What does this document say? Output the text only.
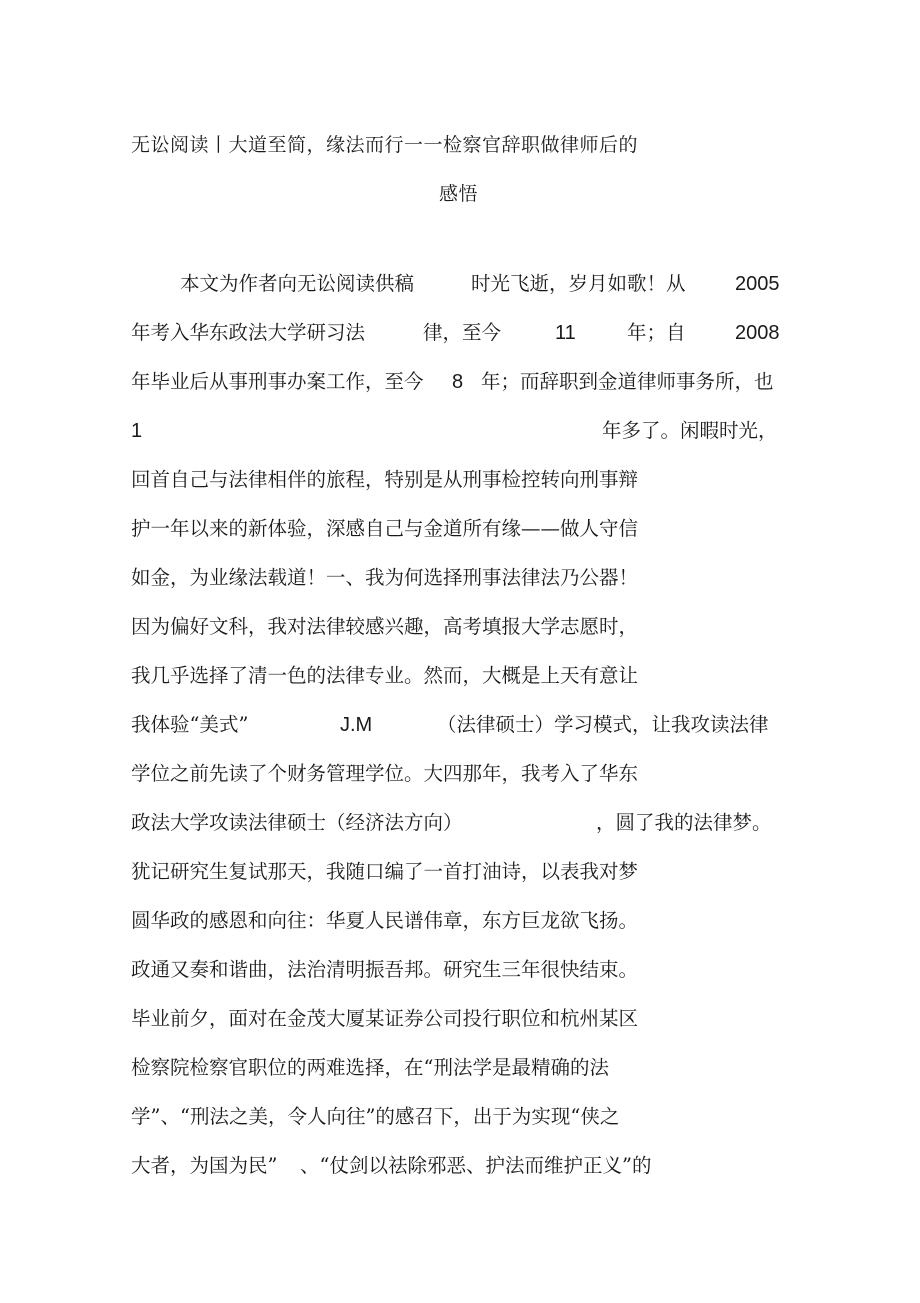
无讼阅读丨大道至简，缘法而行一一检察官辞职做律师后的
感悟
本文为作者向无讼阅读供稿	时光飞逝，岁月如歌！从 2005
年考入华东政法大学研习法	律，至今	11	年；自 2008
年毕业后从事刑事办案工作，至今 8 年；而辞职到金道律师事务所，也
1	年多了。闲暇时光，
回首自己与法律相伴的旅程，特别是从刑事检控转向刑事辩
护一年以来的新体验，深感自己与金道所有缘——做人守信
如金，为业缘法载道！一、我为何选择刑事法律法乃公器！
因为偏好文科，我对法律较感兴趣，高考填报大学志愿时，
我几乎选择了清一色的法律专业。然而，大概是上天有意让
我体验“美式”	J.M	（法律硕士）学习模式，让我攻读法律
学位之前先读了个财务管理学位。大四那年，我考入了华东
政法大学攻读法律硕士（经济法方向）	，圆了我的法律梦。
犹记研究生复试那天，我随口编了一首打油诗，以表我对梦
圆华政的感恩和向往：华夏人民谱伟章，东方巨龙欲飞扬。
政通又奏和谐曲，法治清明振吾邦。研究生三年很快结束。
毕业前夕，面对在金茂大厦某证券公司投行职位和杭州某区
检察院检察官职位的两难选择，在“刑法学是最精确的法
学”、“刑法之美，令人向往”的感召下，出于为实现“侠之
大者，为国为民” 、“仗剑以祛除邪恶、护法而维护正义”的
